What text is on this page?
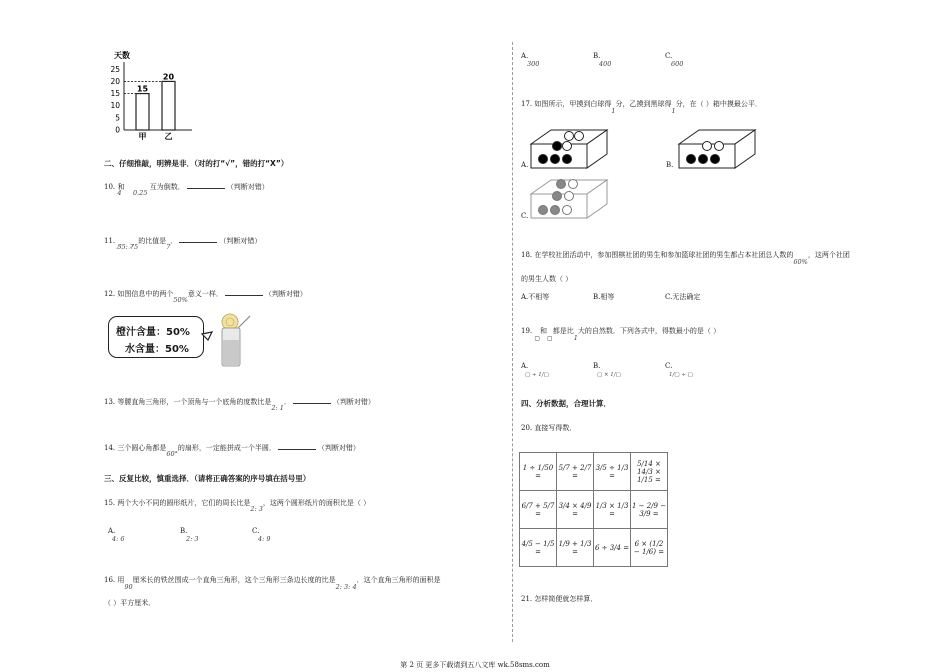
天数
0
5
10
15
20
25
15
甲
20
乙
二、仔细推敲，明辨是非．（对的打“√”，错的打“X”）
10. 4 和 0.25 互为倒数．	（判断对错）
11. 5̸5: 7̸5的比值是7．	（判断对错）
12. 如图信息中的两个50%意义一样．	（判断对错）
橙汁含量：50%
水含量：50%
13. 等腰直角三角形，一个顶角与一个底角的度数比是2: 1．	（判断对错）
14. 三个圆心角都是60°的扇形，一定能拼成一个半圆．	（判断对错）
三、反复比较，慎重选择．（请将正确答案的序号填在括号里）
15. 两个大小不同的圆形纸片，它们的周长比是2: 3，这两个圆形纸片的面积比是（ ）
A.
4: 6
B.
2: 3
C.
4: 9
16. 用90厘米长的铁丝围成一个直角三角形，这个三角形三条边长度的比是2: 3: 4．这个直角三角形的面积是
（ ）平方厘米．
A.
300
B.
400
C.
600
17. 如图所示，甲摸到白球得1分，乙摸到黑球得1分，在（ ）箱中摸最公平．
A.	B.
C.
18. 在学校社团活动中，参加围棋社团的男生和参加篮球社团的男生都占本社团总人数的60%，这两个社团
的男生人数（ ）
A.不相等	B.相等	C.无法确定
19. ▢和▢都是比1大的自然数．下列各式中，得数最小的是（ ）
A.
▢ ÷ 1/▢
B.
▢ × 1/▢
C.
1/▢ ÷ ▢
四、分析数据，合理计算．
20. 直接写得数．
1 ÷ 1/50 =	5/7 + 2/7 =	3/5 ÷ 1/3 =	5/14 × 14/3 × 1/15 =
6/7 + 5/7 =	3/4 × 4/9 =	1/3 × 1/3 =	1 − 2/9 − 3/9 =
4/5 − 1/5 =	1/9 + 1/3 =	6 ÷ 3/4 =	6 × (1/2 − 1/6) =
21. 怎样简便就怎样算．
第 2 页 更多下载请到五八文库 wk.58sms.com
